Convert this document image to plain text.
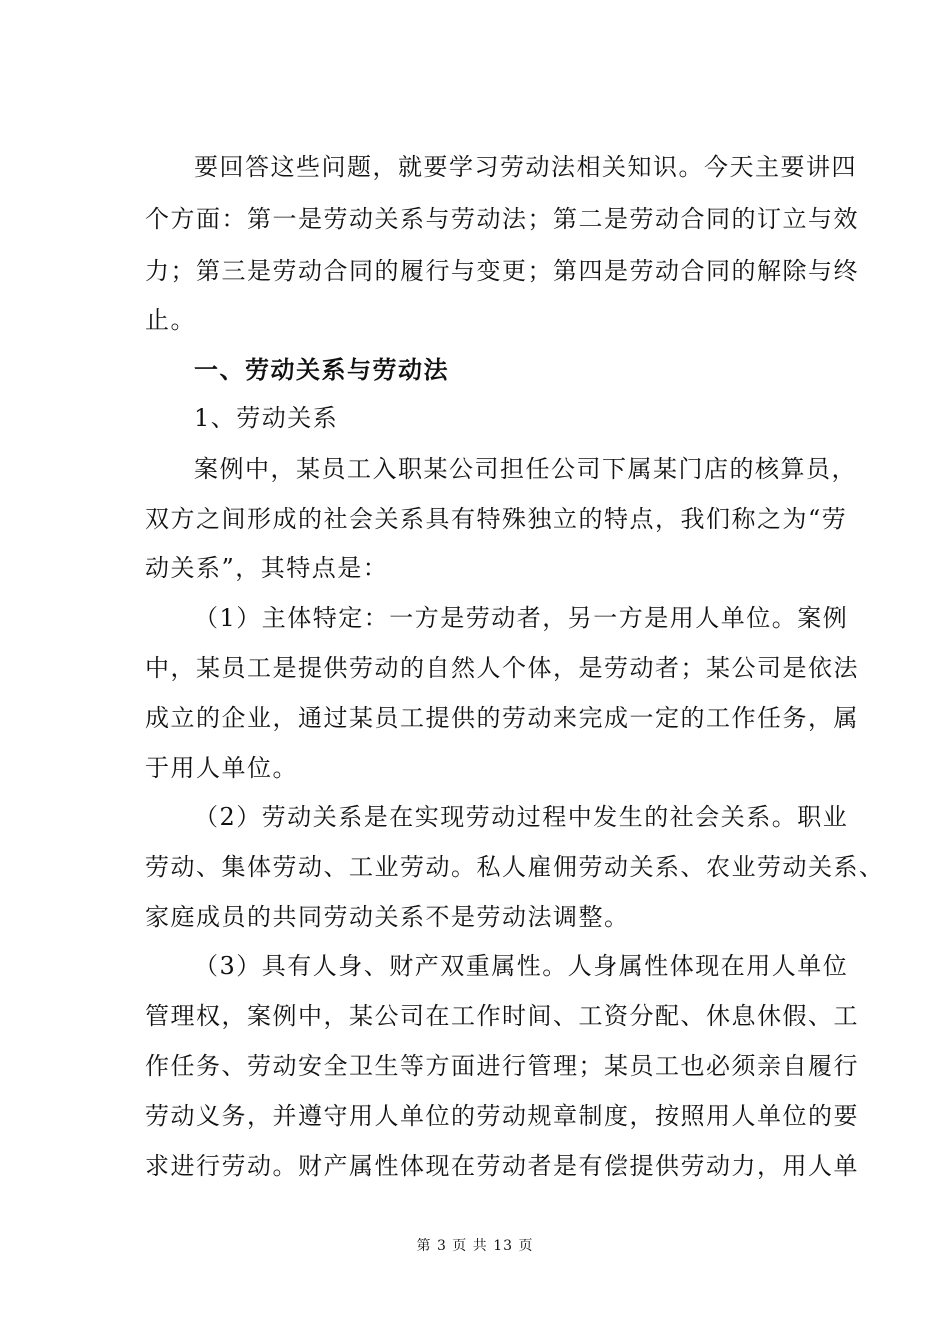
要回答这些问题，就要学习劳动法相关知识。今天主要讲四

个方面：第一是劳动关系与劳动法；第二是劳动合同的订立与效

力；第三是劳动合同的履行与变更；第四是劳动合同的解除与终

止。

一、劳动关系与劳动法

1、劳动关系

案例中，某员工入职某公司担任公司下属某门店的核算员，

双方之间形成的社会关系具有特殊独立的特点，我们称之为“劳

动关系”，其特点是：

（1）主体特定：一方是劳动者，另一方是用人单位。案例

中，某员工是提供劳动的自然人个体，是劳动者；某公司是依法

成立的企业，通过某员工提供的劳动来完成一定的工作任务，属

于用人单位。

（2）劳动关系是在实现劳动过程中发生的社会关系。职业

劳动、集体劳动、工业劳动。私人雇佣劳动关系、农业劳动关系、

家庭成员的共同劳动关系不是劳动法调整。

（3）具有人身、财产双重属性。人身属性体现在用人单位

管理权，案例中，某公司在工作时间、工资分配、休息休假、工

作任务、劳动安全卫生等方面进行管理；某员工也必须亲自履行

劳动义务，并遵守用人单位的劳动规章制度，按照用人单位的要

求进行劳动。财产属性体现在劳动者是有偿提供劳动力，用人单

第 3 页 共 13 页
